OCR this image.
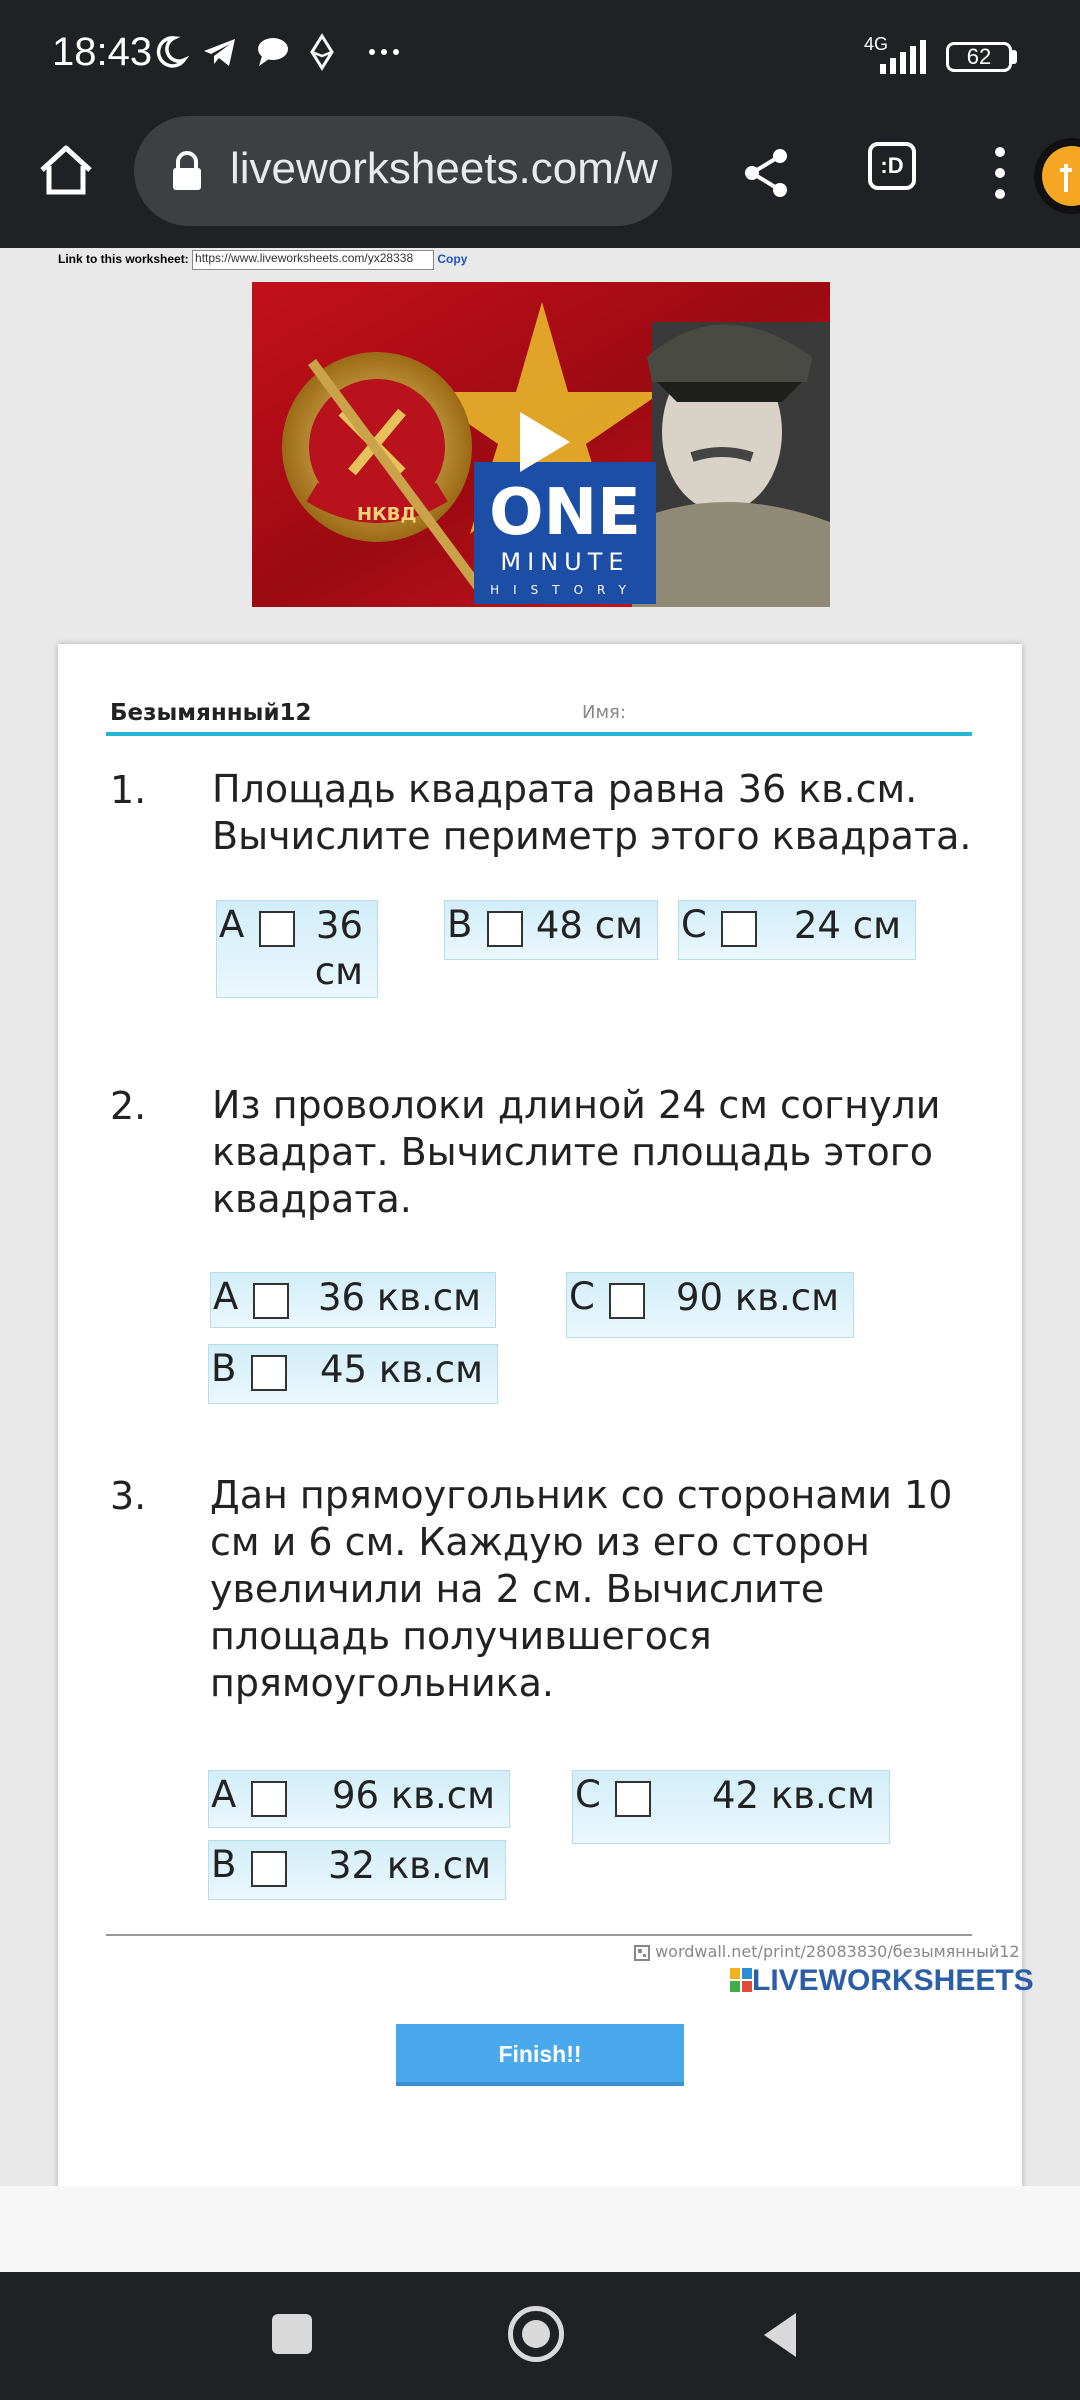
18:43	4G	62
liveworksheets.com/w	:D
Link to this worksheet: https://www.liveworksheets.com/yx28338 Copy
НКВД ONE
MINUTE
HISTORY
Безымянный12	Имя:
1. Площадь квадрата равна 36 кв.см. Вычислите периметр этого квадрата.
A	36 см
B 48 см C 24 см
2. Из проволоки длиной 24 см согнули квадрат. Вычислите площадь этого квадрата.
A 36 кв.см C 90 кв.см
B 45 кв.см
3. Дан прямоугольник со сторонами 10 см и 6 см. Каждую из его сторон увеличили на 2 см. Вычислите площадь получившегося прямоугольника.
A	96 кв.см C	42 кв.см
B 32 кв.см
wordwall.net/print/28083830/безымянный12
LIVEWORKSHEETS
Finish!!
